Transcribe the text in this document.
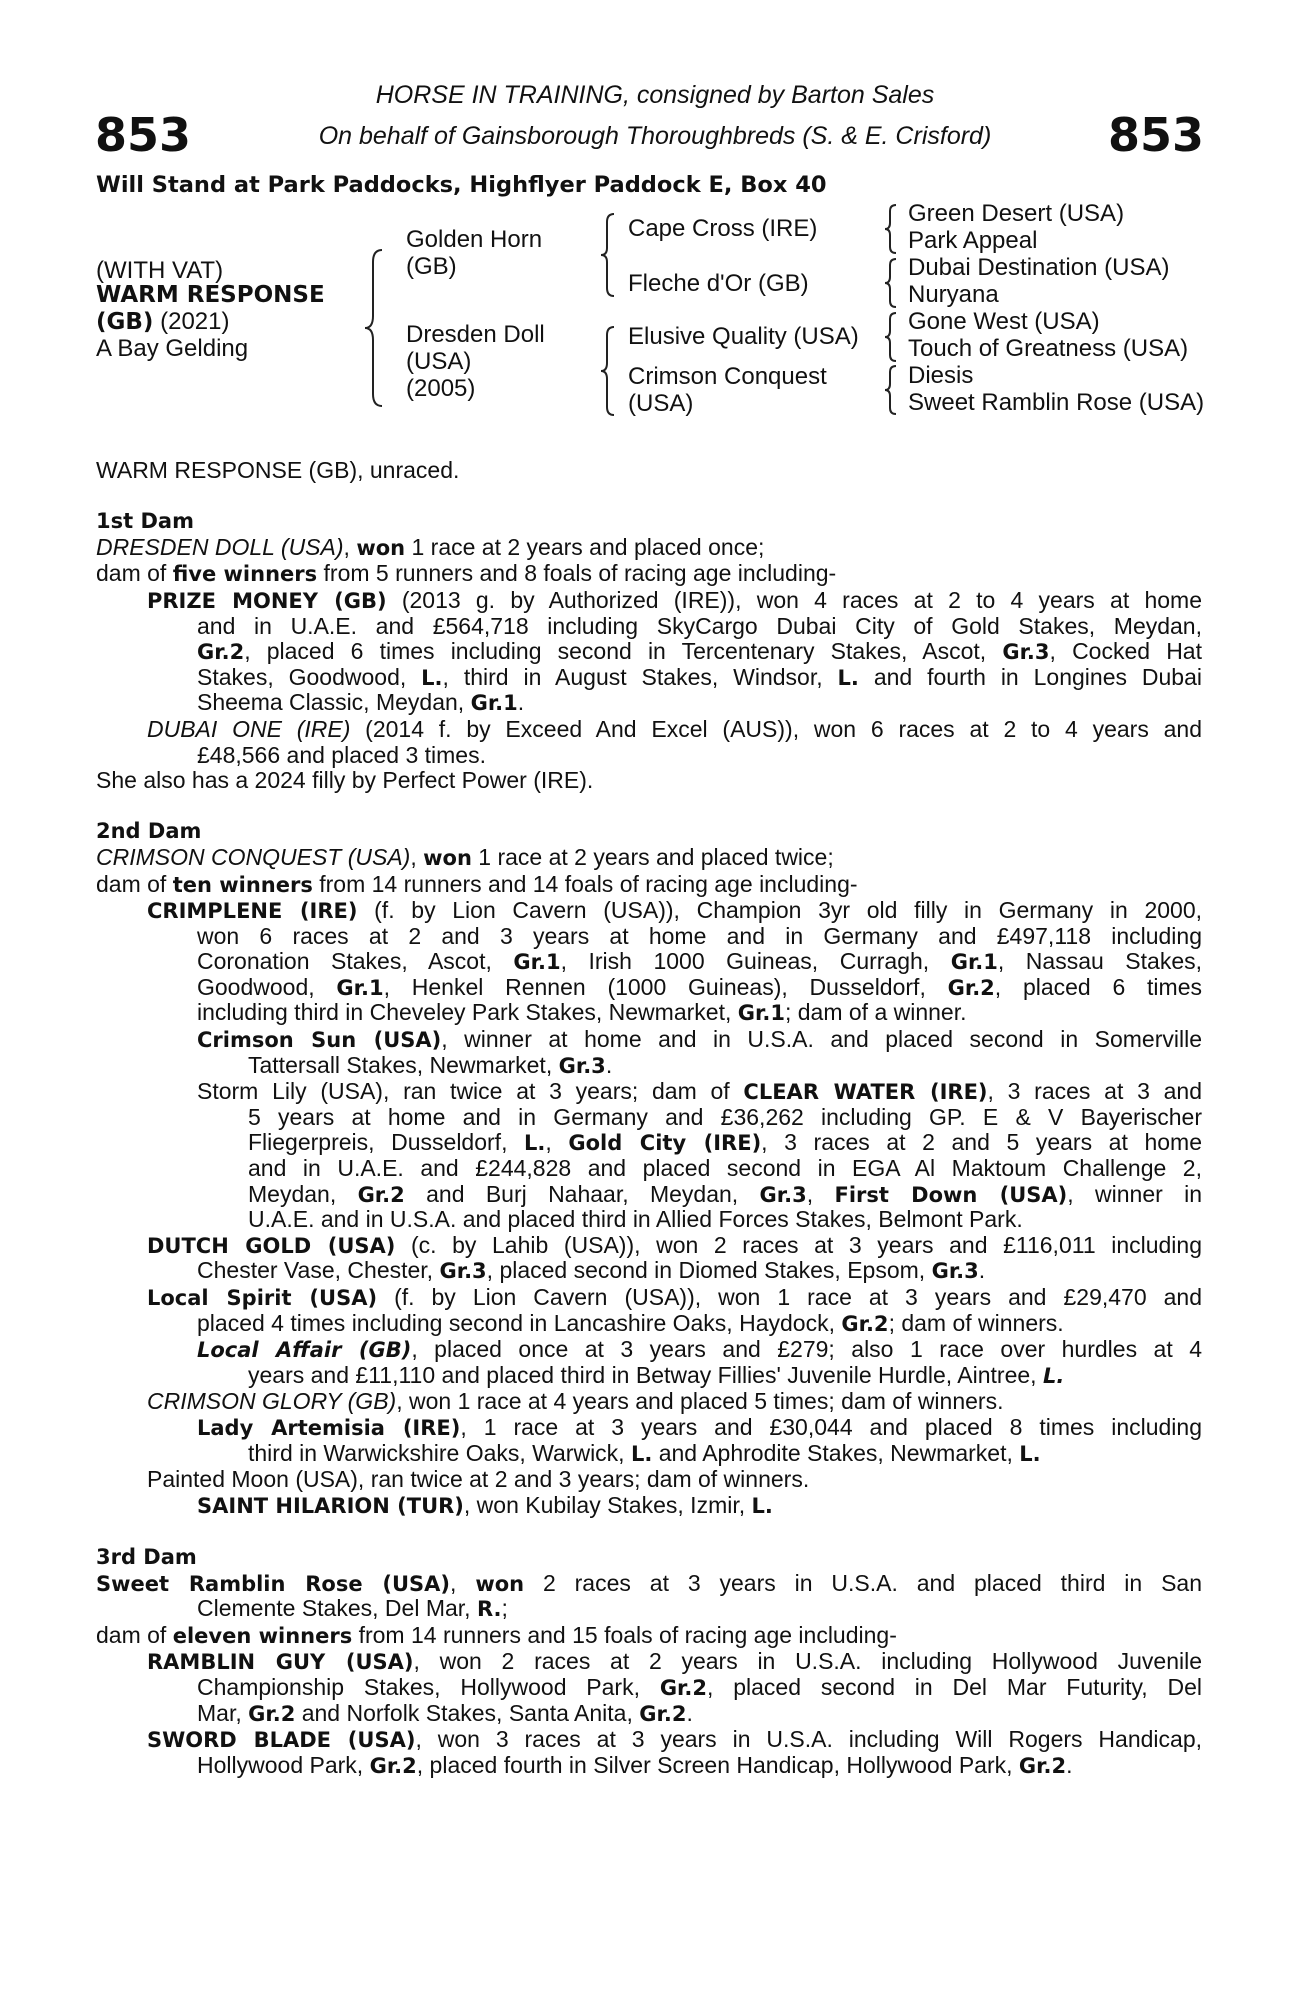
853	853
HORSE IN TRAINING, consigned by Barton Sales
On behalf of Gainsborough Thoroughbreds (S. & E. Crisford)
Will Stand at Park Paddocks, Highflyer Paddock E, Box 40
(WITH VAT)
WARM RESPONSE
(GB) (2021)
A Bay Gelding
Golden Horn
(GB)
Dresden Doll
(USA)
(2005)
Cape Cross (IRE)
Fleche d'Or (GB)
Elusive Quality (USA)
Crimson Conquest
(USA)
Green Desert (USA)
Park Appeal
Dubai Destination (USA)
Nuryana
Gone West (USA)
Touch of Greatness (USA)
Diesis
Sweet Ramblin Rose (USA)
WARM RESPONSE (GB), unraced.
1st Dam
DRESDEN DOLL (USA), won 1 race at 2 years and placed once;
dam of five winners from 5 runners and 8 foals of racing age including-
PRIZE MONEY (GB) (2013 g. by Authorized (IRE)), won 4 races at 2 to 4 years at home
and in U.A.E. and £564,718 including SkyCargo Dubai City of Gold Stakes, Meydan,
Gr.2, placed 6 times including second in Tercentenary Stakes, Ascot, Gr.3, Cocked Hat
Stakes, Goodwood, L., third in August Stakes, Windsor, L. and fourth in Longines Dubai
Sheema Classic, Meydan, Gr.1.
DUBAI ONE (IRE) (2014 f. by Exceed And Excel (AUS)), won 6 races at 2 to 4 years and
£48,566 and placed 3 times.
She also has a 2024 filly by Perfect Power (IRE).
2nd Dam
CRIMSON CONQUEST (USA), won 1 race at 2 years and placed twice;
dam of ten winners from 14 runners and 14 foals of racing age including-
CRIMPLENE (IRE) (f. by Lion Cavern (USA)), Champion 3yr old filly in Germany in 2000,
won 6 races at 2 and 3 years at home and in Germany and £497,118 including
Coronation Stakes, Ascot, Gr.1, Irish 1000 Guineas, Curragh, Gr.1, Nassau Stakes,
Goodwood, Gr.1, Henkel Rennen (1000 Guineas), Dusseldorf, Gr.2, placed 6 times
including third in Cheveley Park Stakes, Newmarket, Gr.1; dam of a winner.
Crimson Sun (USA), winner at home and in U.S.A. and placed second in Somerville
Tattersall Stakes, Newmarket, Gr.3.
Storm Lily (USA), ran twice at 3 years; dam of CLEAR WATER (IRE), 3 races at 3 and
5 years at home and in Germany and £36,262 including GP. E & V Bayerischer
Fliegerpreis, Dusseldorf, L., Gold City (IRE), 3 races at 2 and 5 years at home
and in U.A.E. and £244,828 and placed second in EGA Al Maktoum Challenge 2,
Meydan, Gr.2 and Burj Nahaar, Meydan, Gr.3, First Down (USA), winner in
U.A.E. and in U.S.A. and placed third in Allied Forces Stakes, Belmont Park.
DUTCH GOLD (USA) (c. by Lahib (USA)), won 2 races at 3 years and £116,011 including
Chester Vase, Chester, Gr.3, placed second in Diomed Stakes, Epsom, Gr.3.
Local Spirit (USA) (f. by Lion Cavern (USA)), won 1 race at 3 years and £29,470 and
placed 4 times including second in Lancashire Oaks, Haydock, Gr.2; dam of winners.
Local Affair (GB), placed once at 3 years and £279; also 1 race over hurdles at 4
years and £11,110 and placed third in Betway Fillies' Juvenile Hurdle, Aintree, L.
CRIMSON GLORY (GB), won 1 race at 4 years and placed 5 times; dam of winners.
Lady Artemisia (IRE), 1 race at 3 years and £30,044 and placed 8 times including
third in Warwickshire Oaks, Warwick, L. and Aphrodite Stakes, Newmarket, L.
Painted Moon (USA), ran twice at 2 and 3 years; dam of winners.
SAINT HILARION (TUR), won Kubilay Stakes, Izmir, L.
3rd Dam
Sweet Ramblin Rose (USA), won 2 races at 3 years in U.S.A. and placed third in San
Clemente Stakes, Del Mar, R.;
dam of eleven winners from 14 runners and 15 foals of racing age including-
RAMBLIN GUY (USA), won 2 races at 2 years in U.S.A. including Hollywood Juvenile
Championship Stakes, Hollywood Park, Gr.2, placed second in Del Mar Futurity, Del
Mar, Gr.2 and Norfolk Stakes, Santa Anita, Gr.2.
SWORD BLADE (USA), won 3 races at 3 years in U.S.A. including Will Rogers Handicap,
Hollywood Park, Gr.2, placed fourth in Silver Screen Handicap, Hollywood Park, Gr.2.
